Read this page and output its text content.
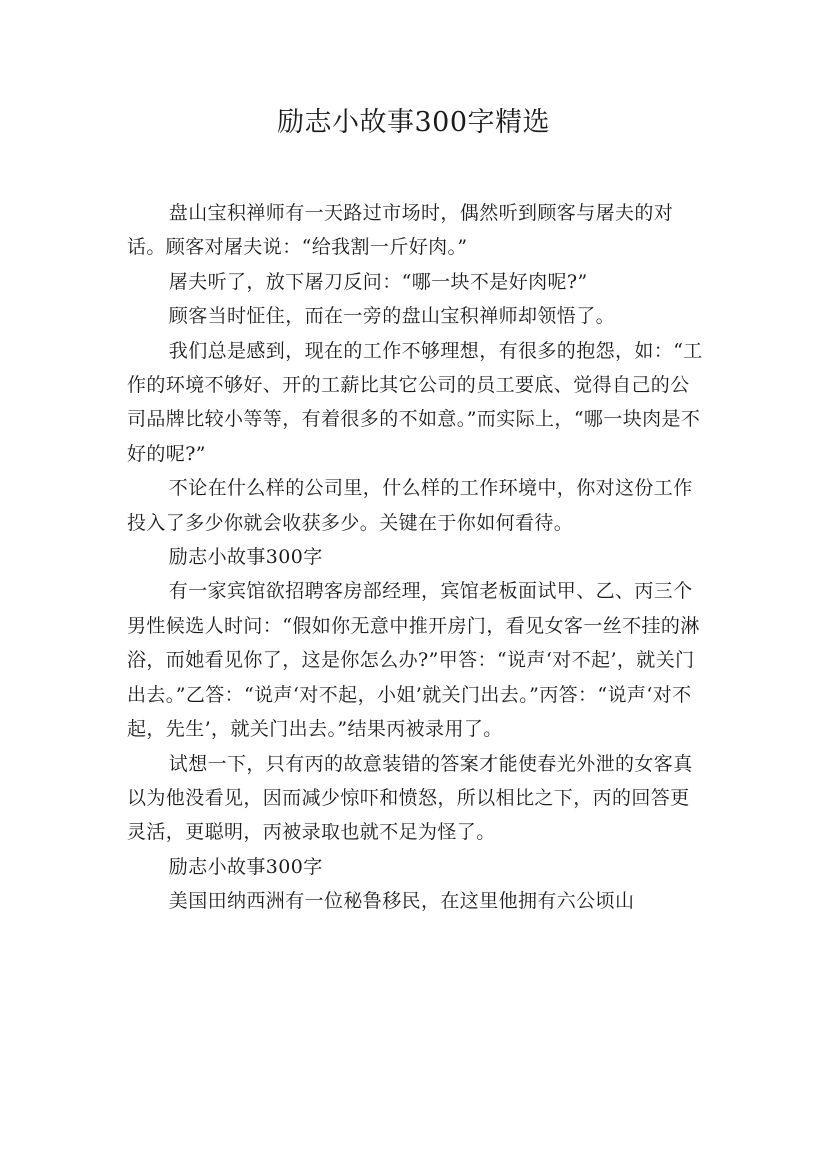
励志小故事300字精选

盘山宝积禅师有一天路过市场时，偶然听到顾客与屠夫的对话。顾客对屠夫说：“给我割一斤好肉。”

屠夫听了，放下屠刀反问：“哪一块不是好肉呢?”

顾客当时怔住，而在一旁的盘山宝积禅师却领悟了。

我们总是感到，现在的工作不够理想，有很多的抱怨，如：“工作的环境不够好、开的工薪比其它公司的员工要底、觉得自己的公司品牌比较小等等，有着很多的不如意。”而实际上，“哪一块肉是不好的呢?”

不论在什么样的公司里，什么样的工作环境中，你对这份工作投入了多少你就会收获多少。关键在于你如何看待。

励志小故事300字

有一家宾馆欲招聘客房部经理，宾馆老板面试甲、乙、丙三个男性候选人时问：“假如你无意中推开房门，看见女客一丝不挂的淋浴，而她看见你了，这是你怎么办?”甲答：“说声‘对不起’，就关门出去。”乙答：“说声‘对不起，小姐’就关门出去。”丙答：“说声‘对不起，先生’，就关门出去。”结果丙被录用了。

试想一下，只有丙的故意装错的答案才能使春光外泄的女客真以为他没看见，因而减少惊吓和愤怒，所以相比之下，丙的回答更灵活，更聪明，丙被录取也就不足为怪了。

励志小故事300字

美国田纳西洲有一位秘鲁移民，在这里他拥有六公顷山
